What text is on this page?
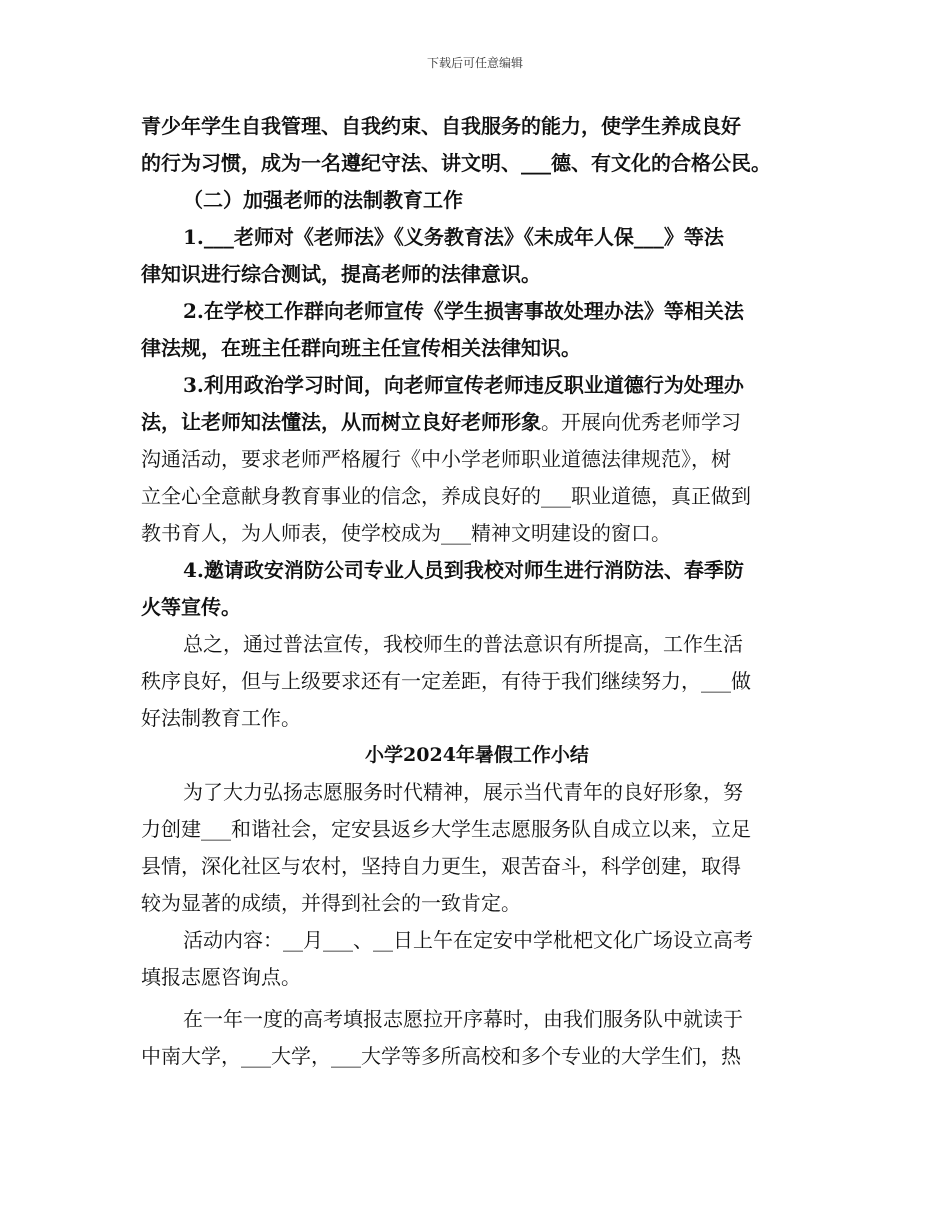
下载后可任意编辑
青少年学生自我管理、自我约束、自我服务的能力，使学生养成良好
的行为习惯，成为一名遵纪守法、讲文明、___德、有文化的合格公民。
（二）加强老师的法制教育工作
1.___老师对《老师法》《义务教育法》《未成年人保___》等法
律知识进行综合测试，提高老师的法律意识。
2.在学校工作群向老师宣传《学生损害事故处理办法》等相关法
律法规，在班主任群向班主任宣传相关法律知识。
3.利用政治学习时间，向老师宣传老师违反职业道德行为处理办
法，让老师知法懂法，从而树立良好老师形象。开展向优秀老师学习
沟通活动，要求老师严格履行《中小学老师职业道德法律规范》，树
立全心全意献身教育事业的信念，养成良好的___职业道德，真正做到
教书育人，为人师表，使学校成为___精神文明建设的窗口。
4.邀请政安消防公司专业人员到我校对师生进行消防法、春季防
火等宣传。
总之，通过普法宣传，我校师生的普法意识有所提高，工作生活
秩序良好，但与上级要求还有一定差距，有待于我们继续努力，___做
好法制教育工作。
小学2024年暑假工作小结
为了大力弘扬志愿服务时代精神，展示当代青年的良好形象，努
力创建___和谐社会，定安县返乡大学生志愿服务队自成立以来，立足
县情，深化社区与农村，坚持自力更生，艰苦奋斗，科学创建，取得
较为显著的成绩，并得到社会的一致肯定。
活动内容：__月___、__日上午在定安中学枇杷文化广场设立高考
填报志愿咨询点。
在一年一度的高考填报志愿拉开序幕时，由我们服务队中就读于
中南大学，___大学，___大学等多所高校和多个专业的大学生们，热
